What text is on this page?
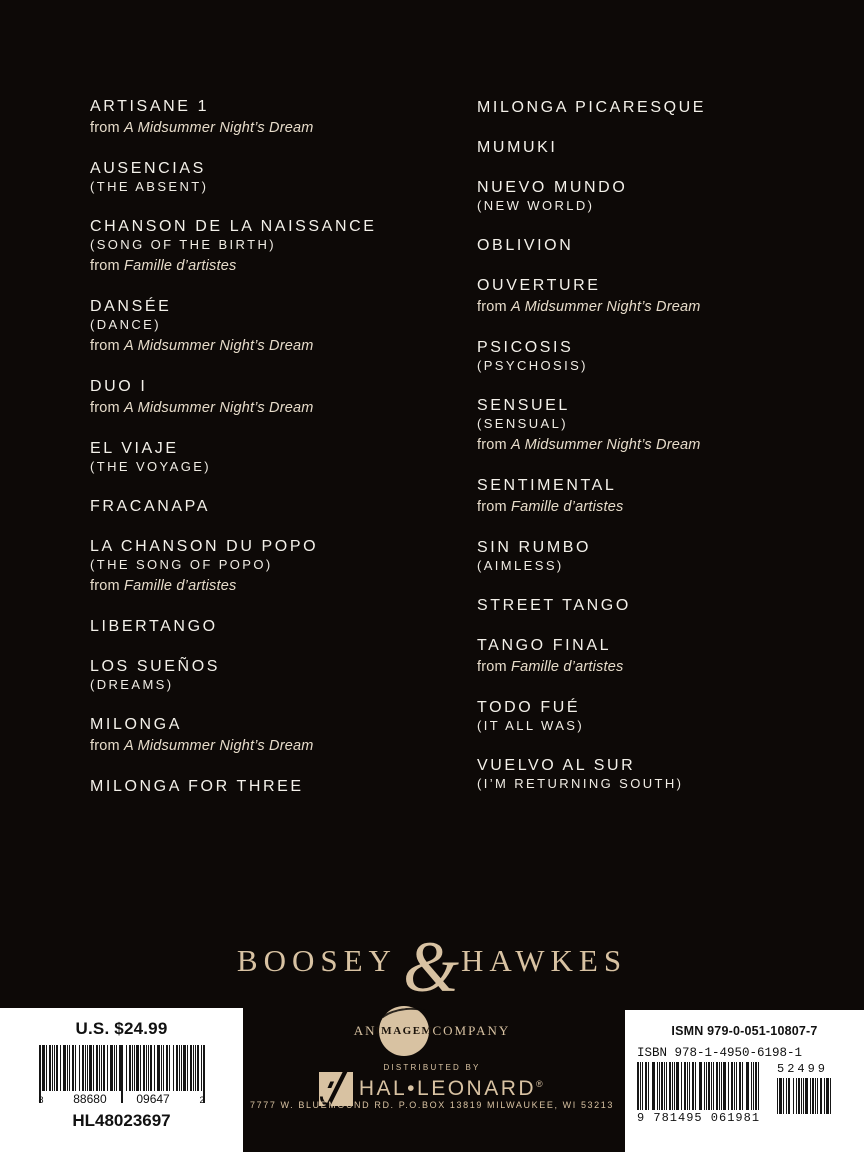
ARTISANE 1
from A Midsummer Night’s Dream
AUSENCIAS
(THE ABSENT)
CHANSON DE LA NAISSANCE
(SONG OF THE BIRTH)
from Famille d’artistes
DANSÉE
(DANCE)
from A Midsummer Night’s Dream
DUO I
from A Midsummer Night’s Dream
EL VIAJE
(THE VOYAGE)
FRACANAPA
LA CHANSON DU POPO
(THE SONG OF POPO)
from Famille d’artistes
LIBERTANGO
LOS SUEÑOS
(DREAMS)
MILONGA
from A Midsummer Night’s Dream
MILONGA FOR THREE
MILONGA PICARESQUE
MUMUKI
NUEVO MUNDO
(NEW WORLD)
OBLIVION
OUVERTURE
from A Midsummer Night’s Dream
PSICOSIS
(PSYCHOSIS)
SENSUEL
(SENSUAL)
from A Midsummer Night’s Dream
SENTIMENTAL
from Famille d’artistes
SIN RUMBO
(AIMLESS)
STREET TANGO
TANGO FINAL
from Famille d’artistes
TODO FUÉ
(IT ALL WAS)
VUELVO AL SUR
(I’M RETURNING SOUTH)
BOOSEY&HAWKES
AN IMAGEM COMPANY
DISTRIBUTED BY
HAL•LEONARD®
7777 W. BLUEMOUND RD. P.O.BOX 13819 MILWAUKEE, WI 53213
U.S. $24.99
8 88680 09647	2
HL48023697
ISMN 979-0-051-10807-7
ISBN 978-1-4950-6198-1
9 781495 061981
52499
